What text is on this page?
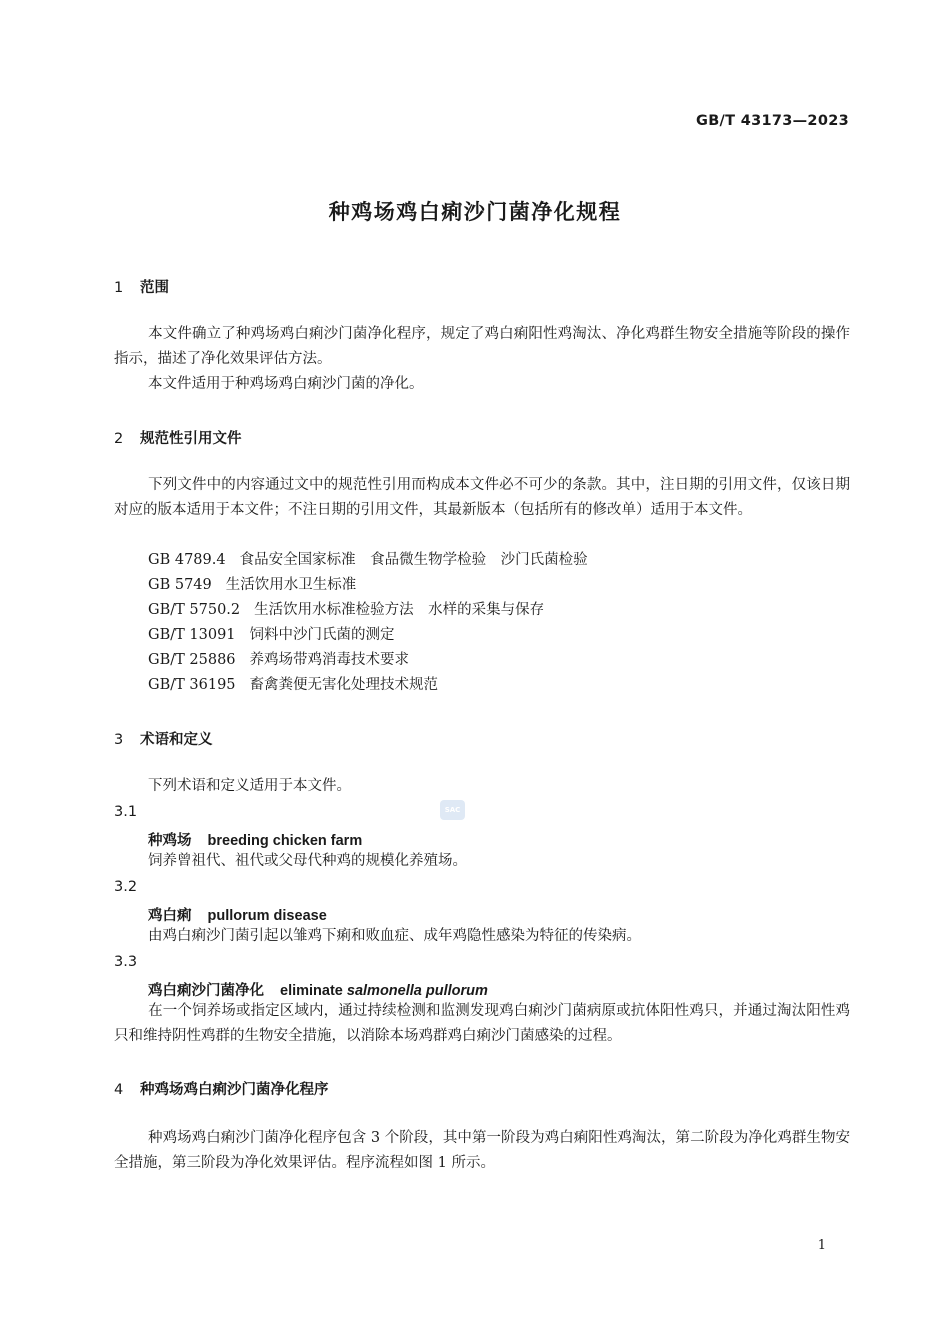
GB/T 43173—2023
种鸡场鸡白痢沙门菌净化规程
1 范围
本文件确立了种鸡场鸡白痢沙门菌净化程序，规定了鸡白痢阳性鸡淘汰、净化鸡群生物安全措施等阶段的操作指示，描述了净化效果评估方法。
本文件适用于种鸡场鸡白痢沙门菌的净化。
2 规范性引用文件
下列文件中的内容通过文中的规范性引用而构成本文件必不可少的条款。其中，注日期的引用文件，仅该日期对应的版本适用于本文件；不注日期的引用文件，其最新版本（包括所有的修改单）适用于本文件。
GB 4789.4 食品安全国家标准　食品微生物学检验　沙门氏菌检验
GB 5749 生活饮用水卫生标准
GB/T 5750.2 生活饮用水标准检验方法　水样的采集与保存
GB/T 13091 饲料中沙门氏菌的测定
GB/T 25886 养鸡场带鸡消毒技术要求
GB/T 36195 畜禽粪便无害化处理技术规范
3 术语和定义
下列术语和定义适用于本文件。
3.1
种鸡场 breeding chicken farm
饲养曾祖代、祖代或父母代种鸡的规模化养殖场。
3.2
鸡白痢 pullorum disease
由鸡白痢沙门菌引起以雏鸡下痢和败血症、成年鸡隐性感染为特征的传染病。
3.3
鸡白痢沙门菌净化 eliminate salmonella pullorum
在一个饲养场或指定区域内，通过持续检测和监测发现鸡白痢沙门菌病原或抗体阳性鸡只，并通过淘汰阳性鸡只和维持阴性鸡群的生物安全措施，以消除本场鸡群鸡白痢沙门菌感染的过程。
4 种鸡场鸡白痢沙门菌净化程序
种鸡场鸡白痢沙门菌净化程序包含 3 个阶段，其中第一阶段为鸡白痢阳性鸡淘汰，第二阶段为净化鸡群生物安全措施，第三阶段为净化效果评估。程序流程如图 1 所示。
SAC
1
